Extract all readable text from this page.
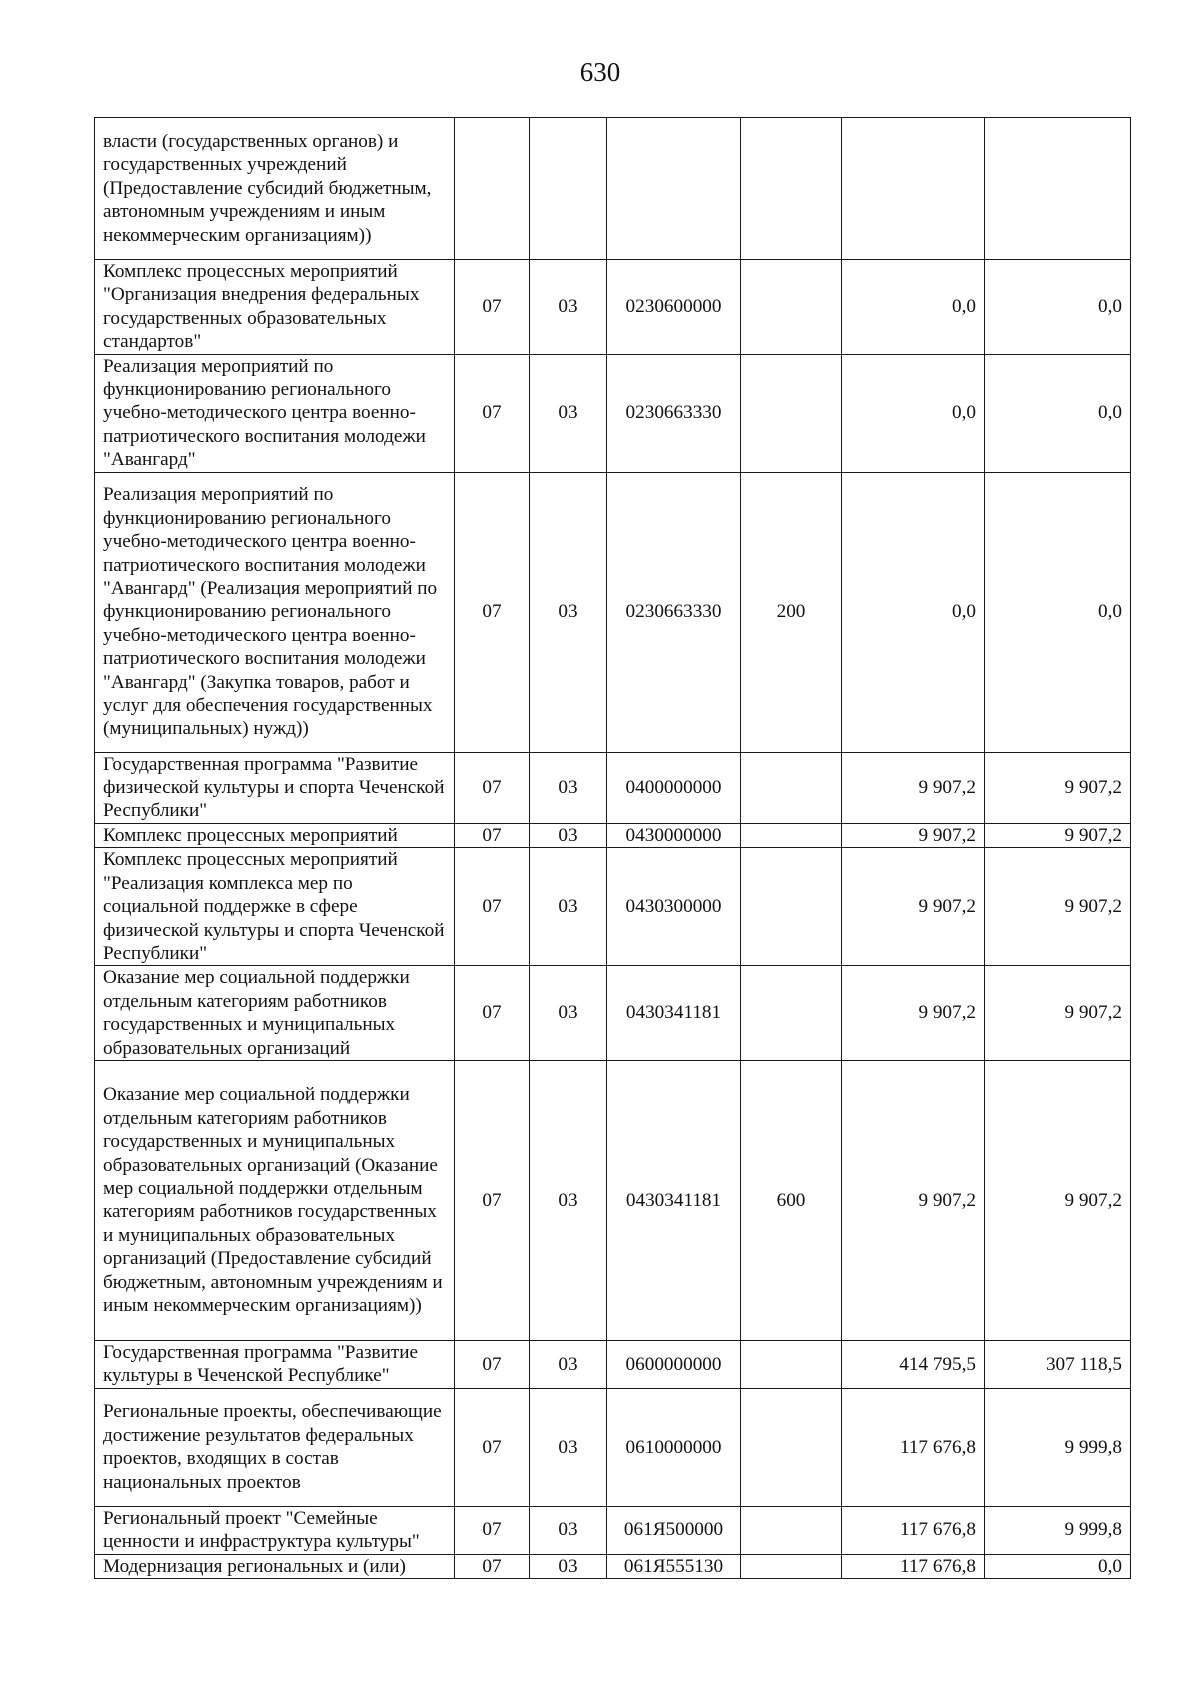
630
власти (государственных органов) и государственных учреждений (Предоставление субсидий бюджетным, автономным учреждениям и иным некоммерческим организациям))						
Комплекс процессных мероприятий "Организация внедрения федеральных государственных образовательных стандартов"	07	03	0230600000		0,0	0,0
Реализация мероприятий по функционированию регионального учебно-методического центра военно-патриотического воспитания молодежи "Авангард"	07	03	0230663330		0,0	0,0
Реализация мероприятий по функционированию регионального учебно-методического центра военно-патриотического воспитания молодежи "Авангард" (Реализация мероприятий по функционированию регионального учебно-методического центра военно-патриотического воспитания молодежи "Авангард" (Закупка товаров, работ и услуг для обеспечения государственных (муниципальных) нужд))	07	03	0230663330	200	0,0	0,0
Государственная программа "Развитие физической культуры и спорта Чеченской Республики"	07	03	0400000000		9 907,2	9 907,2
Комплекс процессных мероприятий	07	03	0430000000		9 907,2	9 907,2
Комплекс процессных мероприятий "Реализация комплекса мер по социальной поддержке в сфере физической культуры и спорта Чеченской Республики"	07	03	0430300000		9 907,2	9 907,2
Оказание мер социальной поддержки отдельным категориям работников государственных и муниципальных образовательных организаций	07	03	0430341181		9 907,2	9 907,2
Оказание мер социальной поддержки отдельным категориям работников государственных и муниципальных образовательных организаций (Оказание мер социальной поддержки отдельным категориям работников государственных и муниципальных образовательных организаций (Предоставление субсидий бюджетным, автономным учреждениям и иным некоммерческим организациям))	07	03	0430341181	600	9 907,2	9 907,2
Государственная программа "Развитие культуры в Чеченской Республике"	07	03	0600000000		414 795,5	307 118,5
Региональные проекты, обеспечивающие достижение результатов федеральных проектов, входящих в состав национальных проектов	07	03	0610000000		117 676,8	9 999,8
Региональный проект "Семейные ценности и инфраструктура культуры"	07	03	061Я500000		117 676,8	9 999,8
Модернизация региональных и (или)	07	03	061Я555130		117 676,8	0,0
